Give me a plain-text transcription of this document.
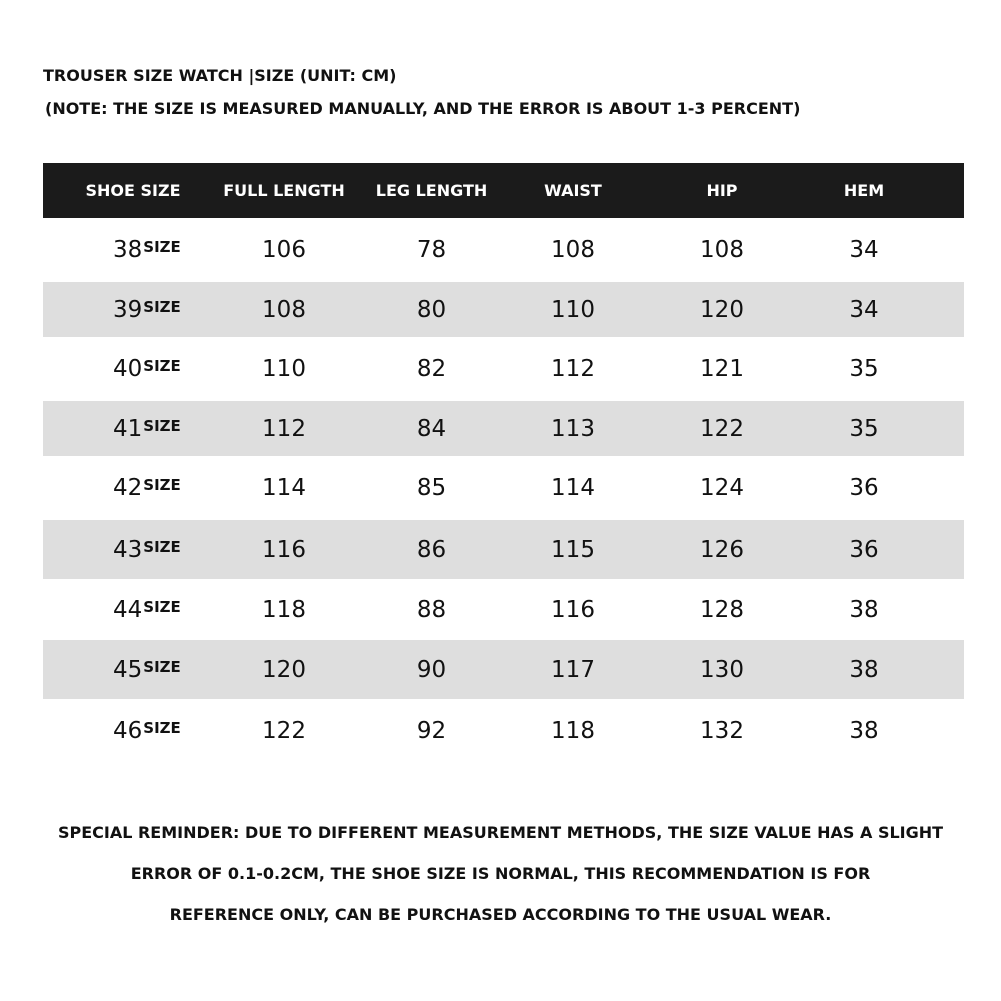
TROUSER SIZE WATCH |SIZE (UNIT: CM)
(NOTE: THE SIZE IS MEASURED MANUALLY, AND THE ERROR IS ABOUT 1-3 PERCENT)
SHOE SIZE	FULL LENGTH	LEG LENGTH	WAIST	HIP	HEM
$38^{SIZE}$	106	78	108	108	34
$39^{SIZE}$	108	80	110	120	34
$40^{SIZE}$	110	82	112	121	35
$41^{SIZE}$	112	84	113	122	35
$42^{SIZE}$	114	85	114	124	36
$43^{SIZE}$	116	86	115	126	36
$44^{SIZE}$	118	88	116	128	38
$45^{SIZE}$	120	90	117	130	38
$46^{SIZE}$	122	92	118	132	38
SPECIAL REMINDER: DUE TO DIFFERENT MEASUREMENT METHODS, THE SIZE VALUE HAS A SLIGHT
ERROR OF 0.1-0.2CM, THE SHOE SIZE IS NORMAL, THIS RECOMMENDATION IS FOR
REFERENCE ONLY, CAN BE PURCHASED ACCORDING TO THE USUAL WEAR.
